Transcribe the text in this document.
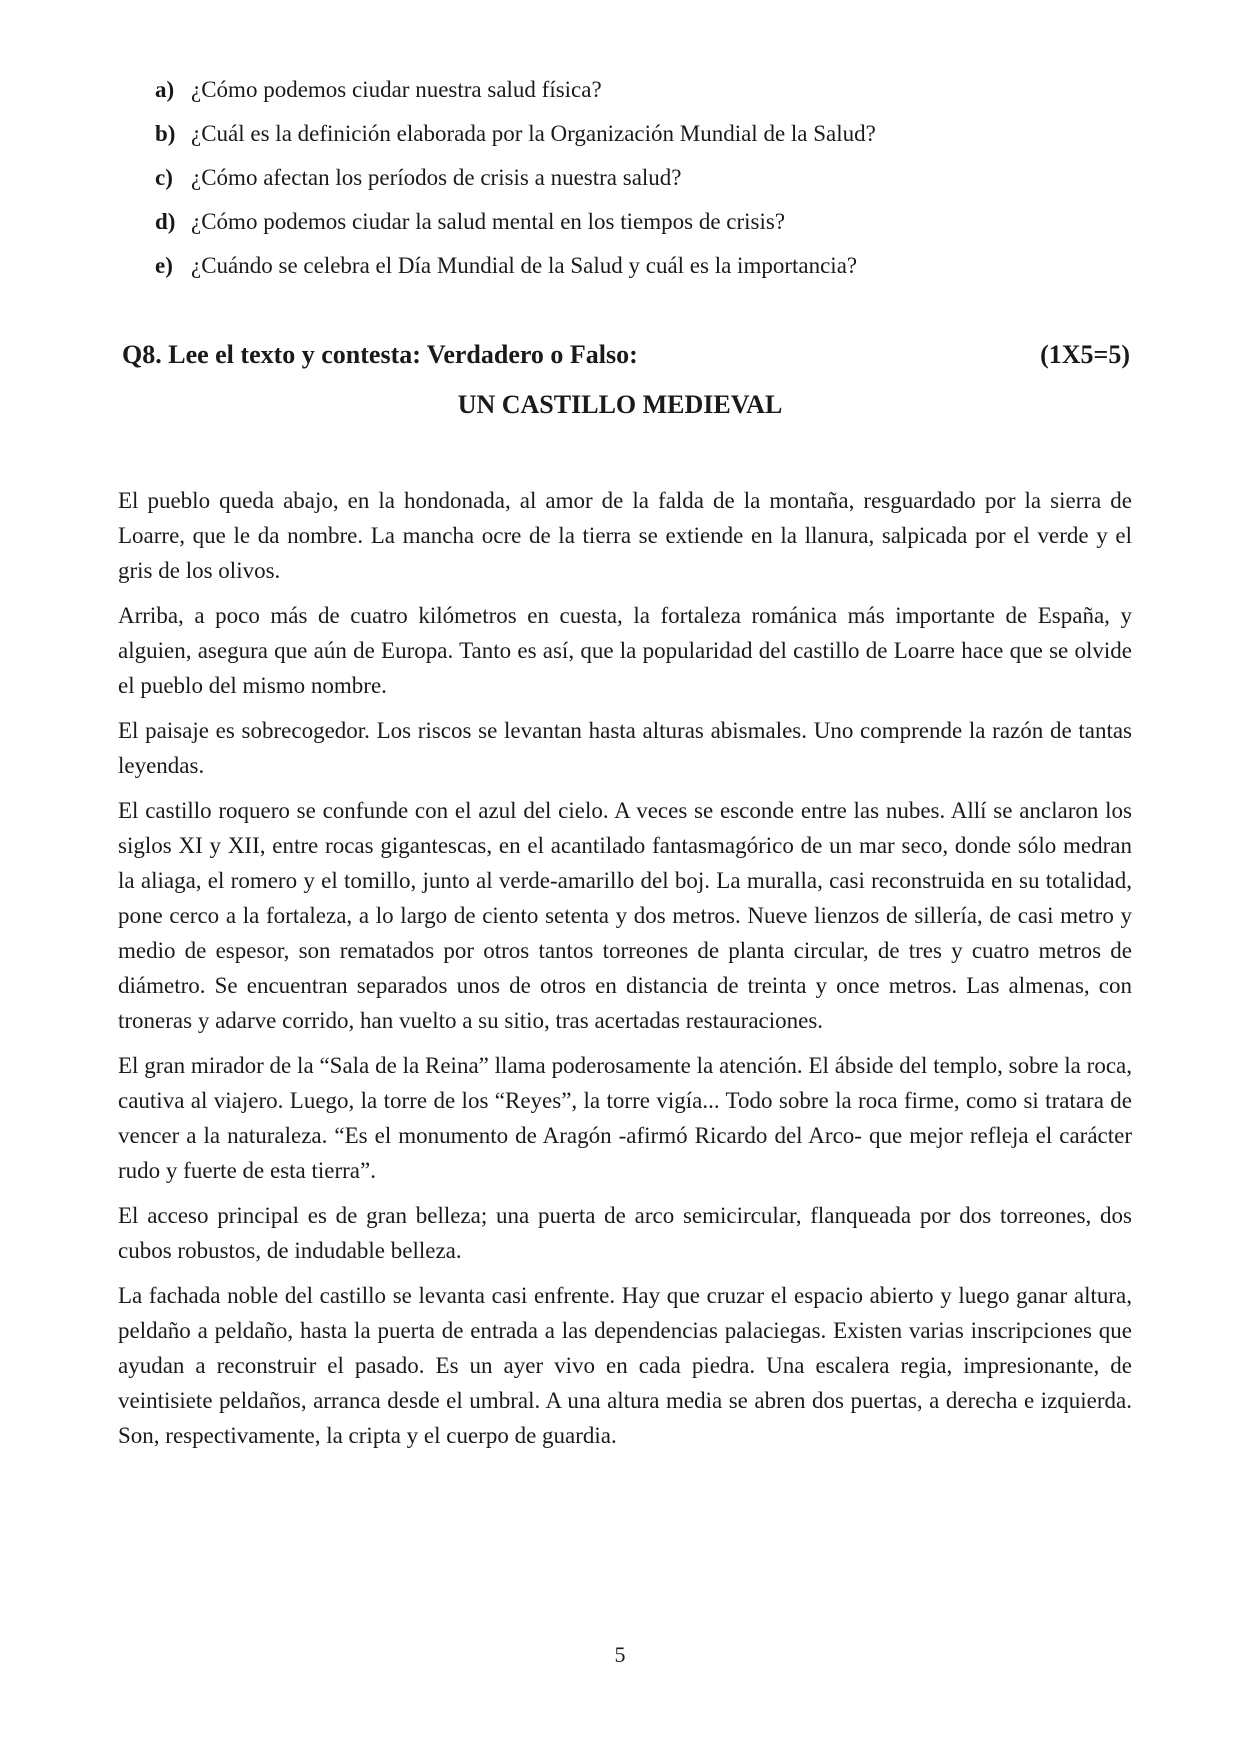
a) ¿Cómo podemos ciudar nuestra salud física?
b) ¿Cuál es la definición elaborada por la Organización Mundial de la Salud?
c) ¿Cómo afectan los períodos de crisis a nuestra salud?
d) ¿Cómo podemos ciudar la salud mental en los tiempos de crisis?
e) ¿Cuándo se celebra el Día Mundial de la Salud y cuál es la importancia?
Q8. Lee el texto y contesta: Verdadero o Falso:	(1X5=5)
UN CASTILLO MEDIEVAL

El pueblo queda abajo, en la hondonada, al amor de la falda de la montaña, resguardado por la sierra de Loarre, que le da nombre. La mancha ocre de la tierra se extiende en la llanura, salpicada por el verde y el gris de los olivos.

Arriba, a poco más de cuatro kilómetros en cuesta, la fortaleza románica más importante de España, y alguien, asegura que aún de Europa. Tanto es así, que la popularidad del castillo de Loarre hace que se olvide el pueblo del mismo nombre.

El paisaje es sobrecogedor. Los riscos se levantan hasta alturas abismales. Uno comprende la razón de tantas leyendas.

El castillo roquero se confunde con el azul del cielo. A veces se esconde entre las nubes. Allí se anclaron los siglos XI y XII, entre rocas gigantescas, en el acantilado fantasmagórico de un mar seco, donde sólo medran la aliaga, el romero y el tomillo, junto al verde-amarillo del boj. La muralla, casi reconstruida en su totalidad, pone cerco a la fortaleza, a lo largo de ciento setenta y dos metros. Nueve lienzos de sillería, de casi metro y medio de espesor, son rematados por otros tantos torreones de planta circular, de tres y cuatro metros de diámetro. Se encuentran separados unos de otros en distancia de treinta y once metros. Las almenas, con troneras y adarve corrido, han vuelto a su sitio, tras acertadas restauraciones.

El gran mirador de la “Sala de la Reina” llama poderosamente la atención. El ábside del templo, sobre la roca, cautiva al viajero. Luego, la torre de los “Reyes”, la torre vigía... Todo sobre la roca firme, como si tratara de vencer a la naturaleza. “Es el monumento de Aragón -afirmó Ricardo del Arco- que mejor refleja el carácter rudo y fuerte de esta tierra”.

El acceso principal es de gran belleza; una puerta de arco semicircular, flanqueada por dos torreones, dos cubos robustos, de indudable belleza.

La fachada noble del castillo se levanta casi enfrente. Hay que cruzar el espacio abierto y luego ganar altura, peldaño a peldaño, hasta la puerta de entrada a las dependencias palaciegas. Existen varias inscripciones que ayudan a reconstruir el pasado. Es un ayer vivo en cada piedra. Una escalera regia, impresionante, de veintisiete peldaños, arranca desde el umbral. A una altura media se abren dos puertas, a derecha e izquierda. Son, respectivamente, la cripta y el cuerpo de guardia.

5
